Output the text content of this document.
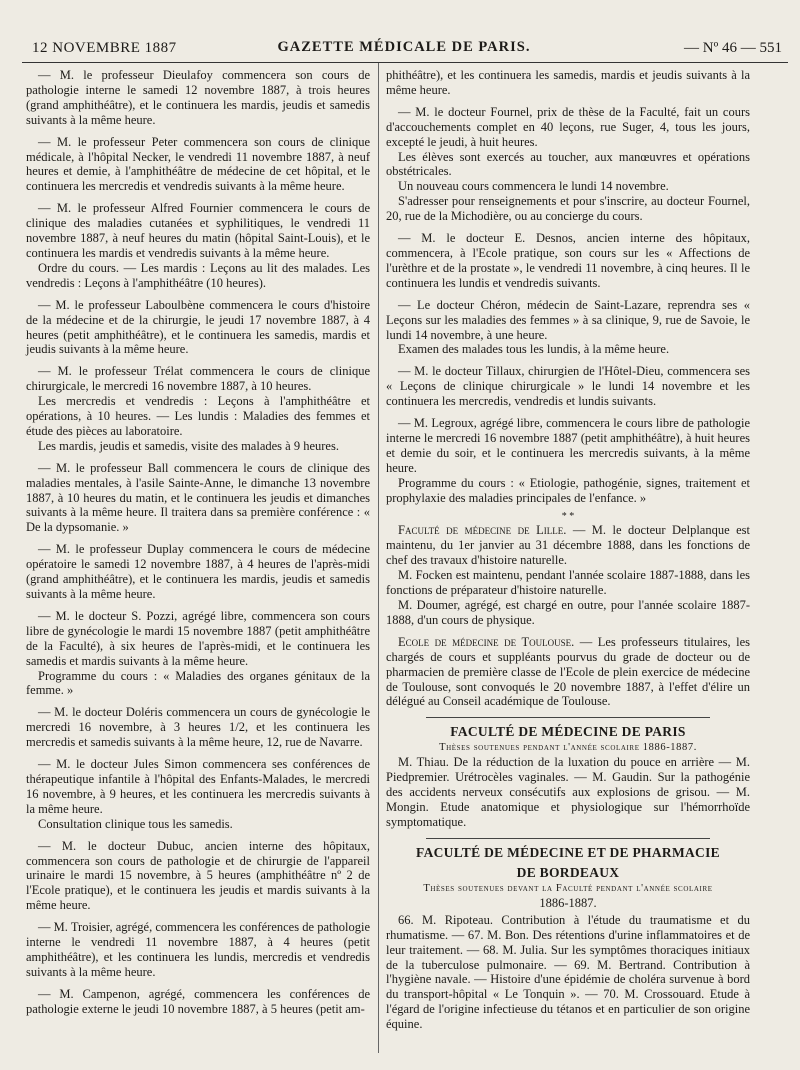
12 NOVEMBRE 1887	GAZETTE MÉDICALE DE PARIS.	— Nº 46 — 551

— M. le professeur Dieulafoy commencera son cours de pathologie interne le samedi 12 novembre 1887, à trois heures (grand amphithéâtre), et le continuera les mardis, jeudis et samedis suivants à la même heure.

— M. le professeur Peter commencera son cours de clinique médicale, à l'hôpital Necker, le vendredi 11 novembre 1887, à neuf heures et demie, à l'amphithéâtre de médecine de cet hôpital, et le continuera les mercredis et vendredis suivants à la même heure.

— M. le professeur Alfred Fournier commencera le cours de clinique des maladies cutanées et syphilitiques, le vendredi 11 novembre 1887, à neuf heures du matin (hôpital Saint-Louis), et le continuera les mardis et vendredis suivants à la même heure.

Ordre du cours. — Les mardis : Leçons au lit des malades. Les vendredis : Leçons à l'amphithéâtre (10 heures).

— M. le professeur Laboulbène commencera le cours d'histoire de la médecine et de la chirurgie, le jeudi 17 novembre 1887, à 4 heures (petit amphithéâtre), et le continuera les samedis, mardis et jeudis suivants à la même heure.

— M. le professeur Trélat commencera le cours de clinique chirurgicale, le mercredi 16 novembre 1887, à 10 heures.

Les mercredis et vendredis : Leçons à l'amphithéâtre et opérations, à 10 heures. — Les lundis : Maladies des femmes et étude des pièces au laboratoire.

Les mardis, jeudis et samedis, visite des malades à 9 heures.

— M. le professeur Ball commencera le cours de clinique des maladies mentales, à l'asile Sainte-Anne, le dimanche 13 novembre 1887, à 10 heures du matin, et le continuera les jeudis et dimanches suivants à la même heure. Il traitera dans sa première conférence : « De la dypsomanie. »

— M. le professeur Duplay commencera le cours de médecine opératoire le samedi 12 novembre 1887, à 4 heures de l'après-midi (grand amphithéâtre), et le continuera les mardis, jeudis et samedis suivants à la même heure.

— M. le docteur S. Pozzi, agrégé libre, commencera son cours libre de gynécologie le mardi 15 novembre 1887 (petit amphithéâtre de la Faculté), à six heures de l'après-midi, et le continuera les samedis et mardis suivants à la même heure.

Programme du cours : « Maladies des organes génitaux de la femme. »

— M. le docteur Doléris commencera un cours de gynécologie le mercredi 16 novembre, à 3 heures 1/2, et les continuera les mercredis et samedis suivants à la même heure, 12, rue de Navarre.

— M. le docteur Jules Simon commencera ses conférences de thérapeutique infantile à l'hôpital des Enfants-Malades, le mercredi 16 novembre, à 9 heures, et les continuera les mercredis suivants à la même heure.

Consultation clinique tous les samedis.

— M. le docteur Dubuc, ancien interne des hôpitaux, commencera son cours de pathologie et de chirurgie de l'appareil urinaire le mardi 15 novembre, à 5 heures (amphithéâtre nº 2 de l'Ecole pratique), et le continuera les jeudis et mardis suivants à la même heure.

— M. Troisier, agrégé, commencera les conférences de pathologie interne le vendredi 11 novembre 1887, à 4 heures (petit amphithéâtre), et les continuera les lundis, mercredis et vendredis suivants à la même heure.

— M. Campenon, agrégé, commencera les conférences de pathologie externe le jeudi 10 novembre 1887, à 5 heures (petit am-

phithéâtre), et les continuera les samedis, mardis et jeudis suivants à la même heure.

— M. le docteur Fournel, prix de thèse de la Faculté, fait un cours d'accouchements complet en 40 leçons, rue Suger, 4, tous les jours, excepté le jeudi, à huit heures.

Les élèves sont exercés au toucher, aux manœuvres et opérations obstétricales.

Un nouveau cours commencera le lundi 14 novembre.

S'adresser pour renseignements et pour s'inscrire, au docteur Fournel, 20, rue de la Michodière, ou au concierge du cours.

— M. le docteur E. Desnos, ancien interne des hôpitaux, commencera, à l'Ecole pratique, son cours sur les « Affections de l'urèthre et de la prostate », le vendredi 11 novembre, à cinq heures. Il le continuera les lundis et vendredis suivants.

— Le docteur Chéron, médecin de Saint-Lazare, reprendra ses « Leçons sur les maladies des femmes » à sa clinique, 9, rue de Savoie, le lundi 14 novembre, à une heure.

Examen des malades tous les lundis, à la même heure.

— M. le docteur Tillaux, chirurgien de l'Hôtel-Dieu, commencera ses « Leçons de clinique chirurgicale » le lundi 14 novembre et les continuera les mercredis, vendredis et lundis suivants.

— M. Legroux, agrégé libre, commencera le cours libre de pathologie interne le mercredi 16 novembre 1887 (petit amphithéâtre), à huit heures et demie du soir, et le continuera les mercredis suivants, à la même heure.

Programme du cours : « Etiologie, pathogénie, signes, traitement et prophylaxie des maladies principales de l'enfance. »

* *

Faculté de médecine de Lille. — M. le docteur Delplanque est maintenu, du 1er janvier au 31 décembre 1888, dans les fonctions de chef des travaux d'histoire naturelle.

M. Focken est maintenu, pendant l'année scolaire 1887-1888, dans les fonctions de préparateur d'histoire naturelle.

M. Doumer, agrégé, est chargé en outre, pour l'année scolaire 1887-1888, d'un cours de physique.

Ecole de médecine de Toulouse. — Les professeurs titulaires, les chargés de cours et suppléants pourvus du grade de docteur ou de pharmacien de première classe de l'Ecole de plein exercice de médecine de Toulouse, sont convoqués le 20 novembre 1887, à l'effet d'élire un délégué au Conseil académique de Toulouse.

FACULTÉ DE MÉDECINE DE PARIS
Thèses soutenues pendant l'année scolaire 1886-1887.

M. Thiau. De la réduction de la luxation du pouce en arrière — M. Piedpremier. Urétrocèles vaginales. — M. Gaudin. Sur la pathogénie des accidents nerveux consécutifs aux explosions de grisou. — M. Mongin. Etude anatomique et physiologique sur l'hémorrhoïde symptomatique.

FACULTÉ DE MÉDECINE ET DE PHARMACIE
DE BORDEAUX
Thèses soutenues devant la Faculté pendant l'année scolaire
1886-1887.

66. M. Ripoteau. Contribution à l'étude du traumatisme et du rhumatisme. — 67. M. Bon. Des rétentions d'urine inflammatoires et de leur traitement. — 68. M. Julia. Sur les symptômes thoraciques initiaux de la tuberculose pulmonaire. — 69. M. Bertrand. Contribution à l'hygiène navale. — Histoire d'une épidémie de choléra survenue à bord du transport-hôpital « Le Tonquin ». — 70. M. Crossouard. Etude à l'égard de l'origine infectieuse du tétanos et en particulier de son origine équine.
